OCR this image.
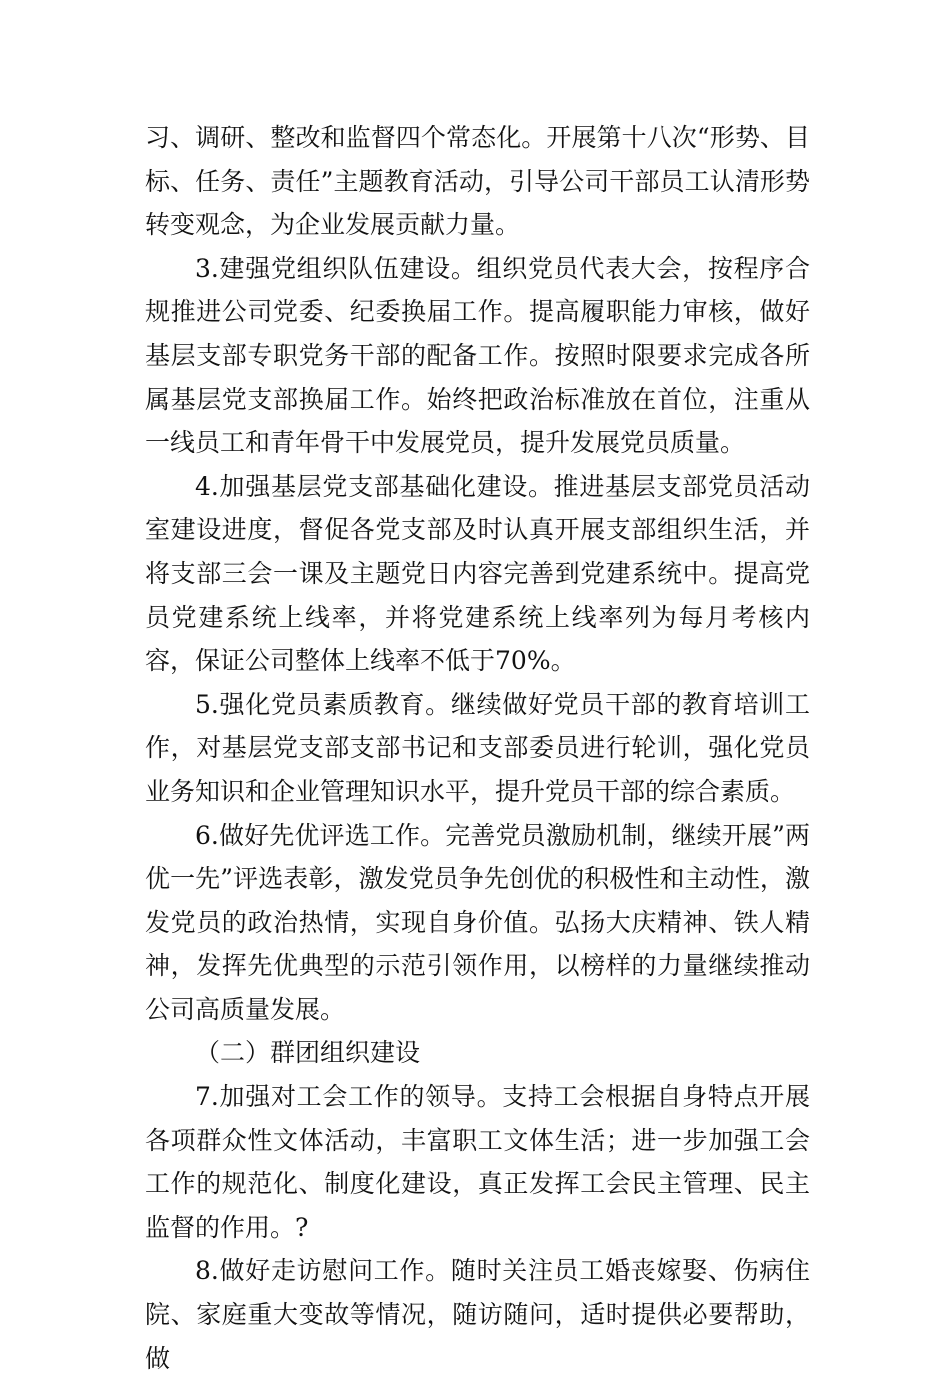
习、调研、整改和监督四个常态化。开展第十八次“形势、目标、任务、责任”主题教育活动，引导公司干部员工认清形势转变观念，为企业发展贡献力量。

3.建强党组织队伍建设。组织党员代表大会，按程序合规推进公司党委、纪委换届工作。提高履职能力审核，做好基层支部专职党务干部的配备工作。按照时限要求完成各所属基层党支部换届工作。始终把政治标准放在首位，注重从一线员工和青年骨干中发展党员，提升发展党员质量。

4.加强基层党支部基础化建设。推进基层支部党员活动室建设进度，督促各党支部及时认真开展支部组织生活，并将支部三会一课及主题党日内容完善到党建系统中。提高党员党建系统上线率，并将党建系统上线率列为每月考核内容，保证公司整体上线率不低于70%。

5.强化党员素质教育。继续做好党员干部的教育培训工作，对基层党支部支部书记和支部委员进行轮训，强化党员业务知识和企业管理知识水平，提升党员干部的综合素质。

6.做好先优评选工作。完善党员激励机制，继续开展”两优一先”评选表彰，激发党员争先创优的积极性和主动性，激发党员的政治热情，实现自身价值。弘扬大庆精神、铁人精神，发挥先优典型的示范引领作用，以榜样的力量继续推动公司高质量发展。

（二）群团组织建设

7.加强对工会工作的领导。支持工会根据自身特点开展各项群众性文体活动，丰富职工文体生活；进一步加强工会工作的规范化、制度化建设，真正发挥工会民主管理、民主监督的作用。?

8.做好走访慰问工作。随时关注员工婚丧嫁娶、伤病住院、家庭重大变故等情况，随访随问，适时提供必要帮助，做
